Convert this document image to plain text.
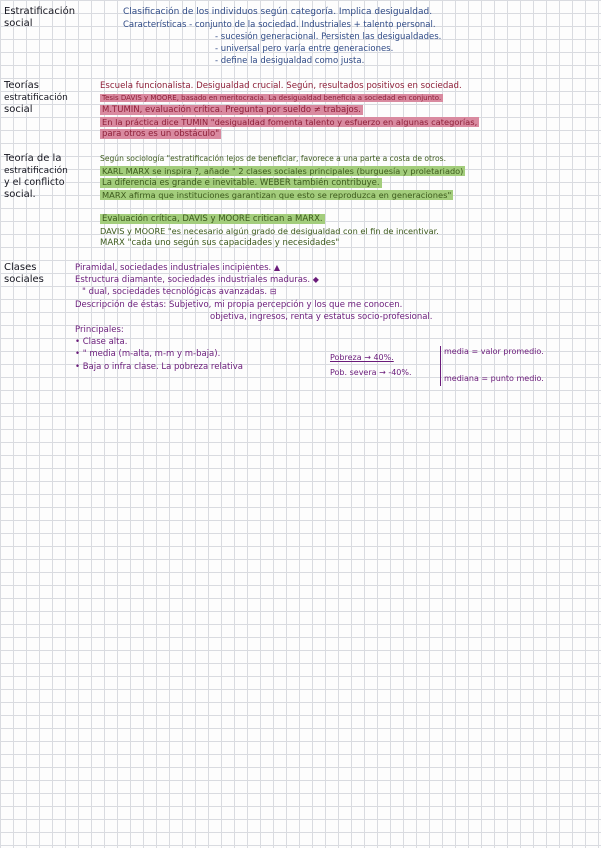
Estratificación
social
Clasificación de los individuos según categoría. Implica desigualdad.
Características - conjunto de la sociedad. Industriales + talento personal.
- sucesión generacional. Persisten las desigualdades.
- universal pero varía entre generaciones.
- define la desigualdad como justa.
Teorías
estratificación
social
Escuela funcionalista. Desigualdad crucial. Según, resultados positivos en sociedad.
Tesis DAVIS y MOORE, basado en meritocracia. La desigualdad beneficia a sociedad en conjunto.
M.TUMIN, evaluación crítica. Pregunta por sueldo ≠ trabajos.
En la práctica dice TUMIN "desigualdad fomenta talento y esfuerzo en algunas categorías,
para otros es un obstáculo"
Teoría de la
estratificación
y el conflicto
social.
Según sociología "estratificación lejos de beneficiar, favorece a una parte a costa de otros.
KARL MARX se inspira ?, añade " 2 clases sociales principales (burguesía y proletariado)
La diferencia es grande e inevitable. WEBER también contribuye.
MARX afirma que instituciones garantizan que esto se reproduzca en generaciones"
Evaluación crítica, DAVIS y MOORE critican a MARX.
DAVIS y MOORE "es necesario algún grado de desigualdad con el fin de incentivar.
MARX "cada uno según sus capacidades y necesidades"
Clases
sociales
Piramidal, sociedades industriales incipientes. ▲
Estructura diamante, sociedades industriales maduras. ◆
" dual, sociedades tecnológicas avanzadas. ⊟
Descripción de éstas: Subjetivo, mi propia percepción y los que me conocen.
objetiva, ingresos, renta y estatus socio-profesional.
Principales:
• Clase alta.
• " media (m-alta, m-m y m-baja).
• Baja o infra clase. La pobreza relativa
Pobreza → 40%.
Pob. severa → -40%.
media = valor promedio.
mediana = punto medio.
